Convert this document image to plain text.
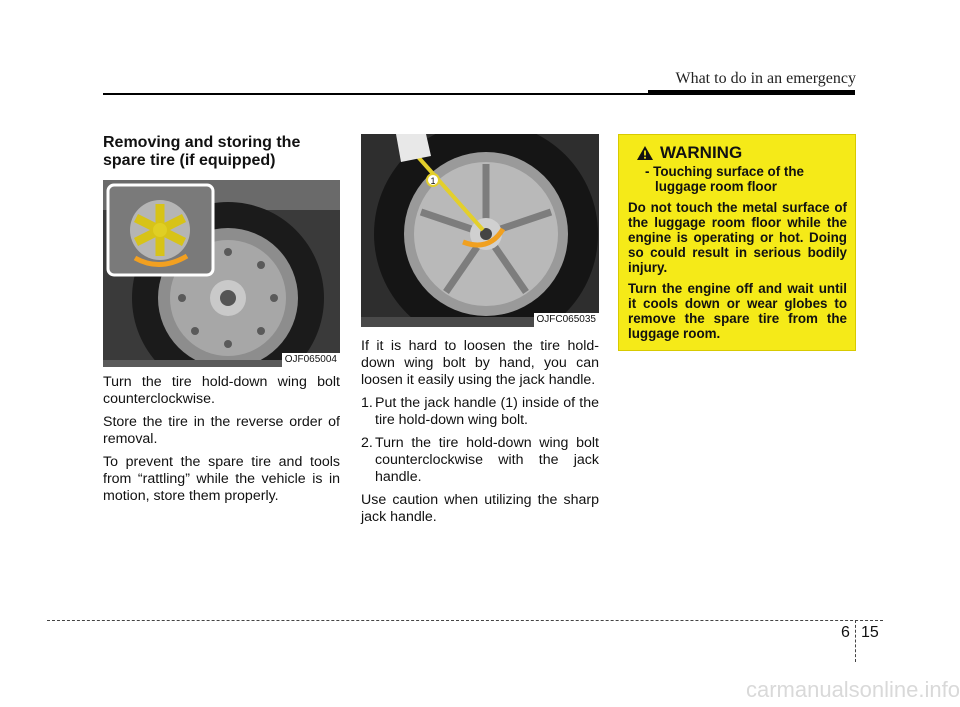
What to do in an emergency
Removing and storing the spare tire (if equipped)
OJF065004

Turn the tire hold-down wing bolt counterclockwise.

Store the tire in the reverse order of removal.

To prevent the spare tire and tools from “rattling” while the vehicle is in motion, store them properly.

1
OJFC065035

If it is hard to loosen the tire hold-down wing bolt by hand, you can loosen it easily using the jack handle.

1. Put the jack handle (1) inside of the tire hold-down wing bolt.
2. Turn the tire hold-down wing bolt counterclockwise with the jack handle.

Use caution when utilizing the sharp jack handle.

WARNING
- Touching surface of the
luggage room floor

Do not touch the metal surface of the luggage room floor while the engine is operating or hot. Doing so could result in serious bodily injury.

Turn the engine off and wait until it cools down or wear globes to remove the spare tire from the luggage room.

6 15
carmanualsonline.info
